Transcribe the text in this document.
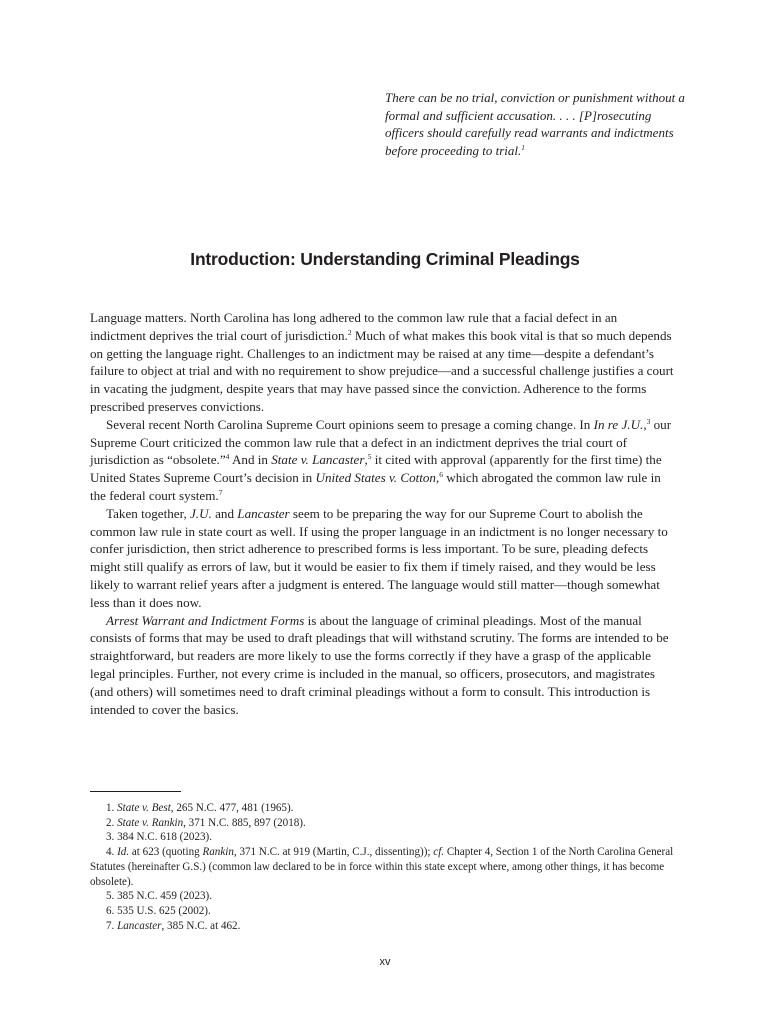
There can be no trial, conviction or punishment without a formal and sufficient accusation. . . . [P]rosecuting officers should carefully read warrants and indictments before proceeding to trial.$^1$
Introduction: Understanding Criminal Pleadings

Language matters. North Carolina has long adhered to the common law rule that a facial defect in an indictment deprives the trial court of jurisdiction.$^2$ Much of what makes this book vital is that so much depends on getting the language right. Challenges to an indictment may be raised at any time—despite a defendant’s failure to object at trial and with no requirement to show prejudice—and a successful challenge justifies a court in vacating the judgment, despite years that may have passed since the conviction. Adherence to the forms prescribed preserves convictions.

Several recent North Carolina Supreme Court opinions seem to presage a coming change. In In re J.U.,$^3$ our Supreme Court criticized the common law rule that a defect in an indictment deprives the trial court of jurisdiction as “obsolete.”$^4$ And in State v. Lancaster,$^5$ it cited with approval (apparently for the first time) the United States Supreme Court’s decision in United States v. Cotton,$^6$ which abrogated the common law rule in the federal court system.$^7$

Taken together, J.U. and Lancaster seem to be preparing the way for our Supreme Court to abolish the common law rule in state court as well. If using the proper language in an indictment is no longer necessary to confer jurisdiction, then strict adherence to prescribed forms is less important. To be sure, pleading defects might still qualify as errors of law, but it would be easier to fix them if timely raised, and they would be less likely to warrant relief years after a judgment is entered. The language would still matter—though somewhat less than it does now.

Arrest Warrant and Indictment Forms is about the language of criminal pleadings. Most of the manual consists of forms that may be used to draft pleadings that will withstand scrutiny. The forms are intended to be straightforward, but readers are more likely to use the forms correctly if they have a grasp of the applicable legal principles. Further, not every crime is included in the manual, so officers, prosecutors, and magistrates (and others) will sometimes need to draft criminal pleadings without a form to consult. This introduction is intended to cover the basics.

1. State v. Best, 265 N.C. 477, 481 (1965).

2. State v. Rankin, 371 N.C. 885, 897 (2018).

3. 384 N.C. 618 (2023).

4. Id. at 623 (quoting Rankin, 371 N.C. at 919 (Martin, C.J., dissenting)); cf. Chapter 4, Section 1 of the North Carolina General Statutes (hereinafter G.S.) (common law declared to be in force within this state except where, among other things, it has become obsolete).

5. 385 N.C. 459 (2023).

6. 535 U.S. 625 (2002).

7. Lancaster, 385 N.C. at 462.

xv
